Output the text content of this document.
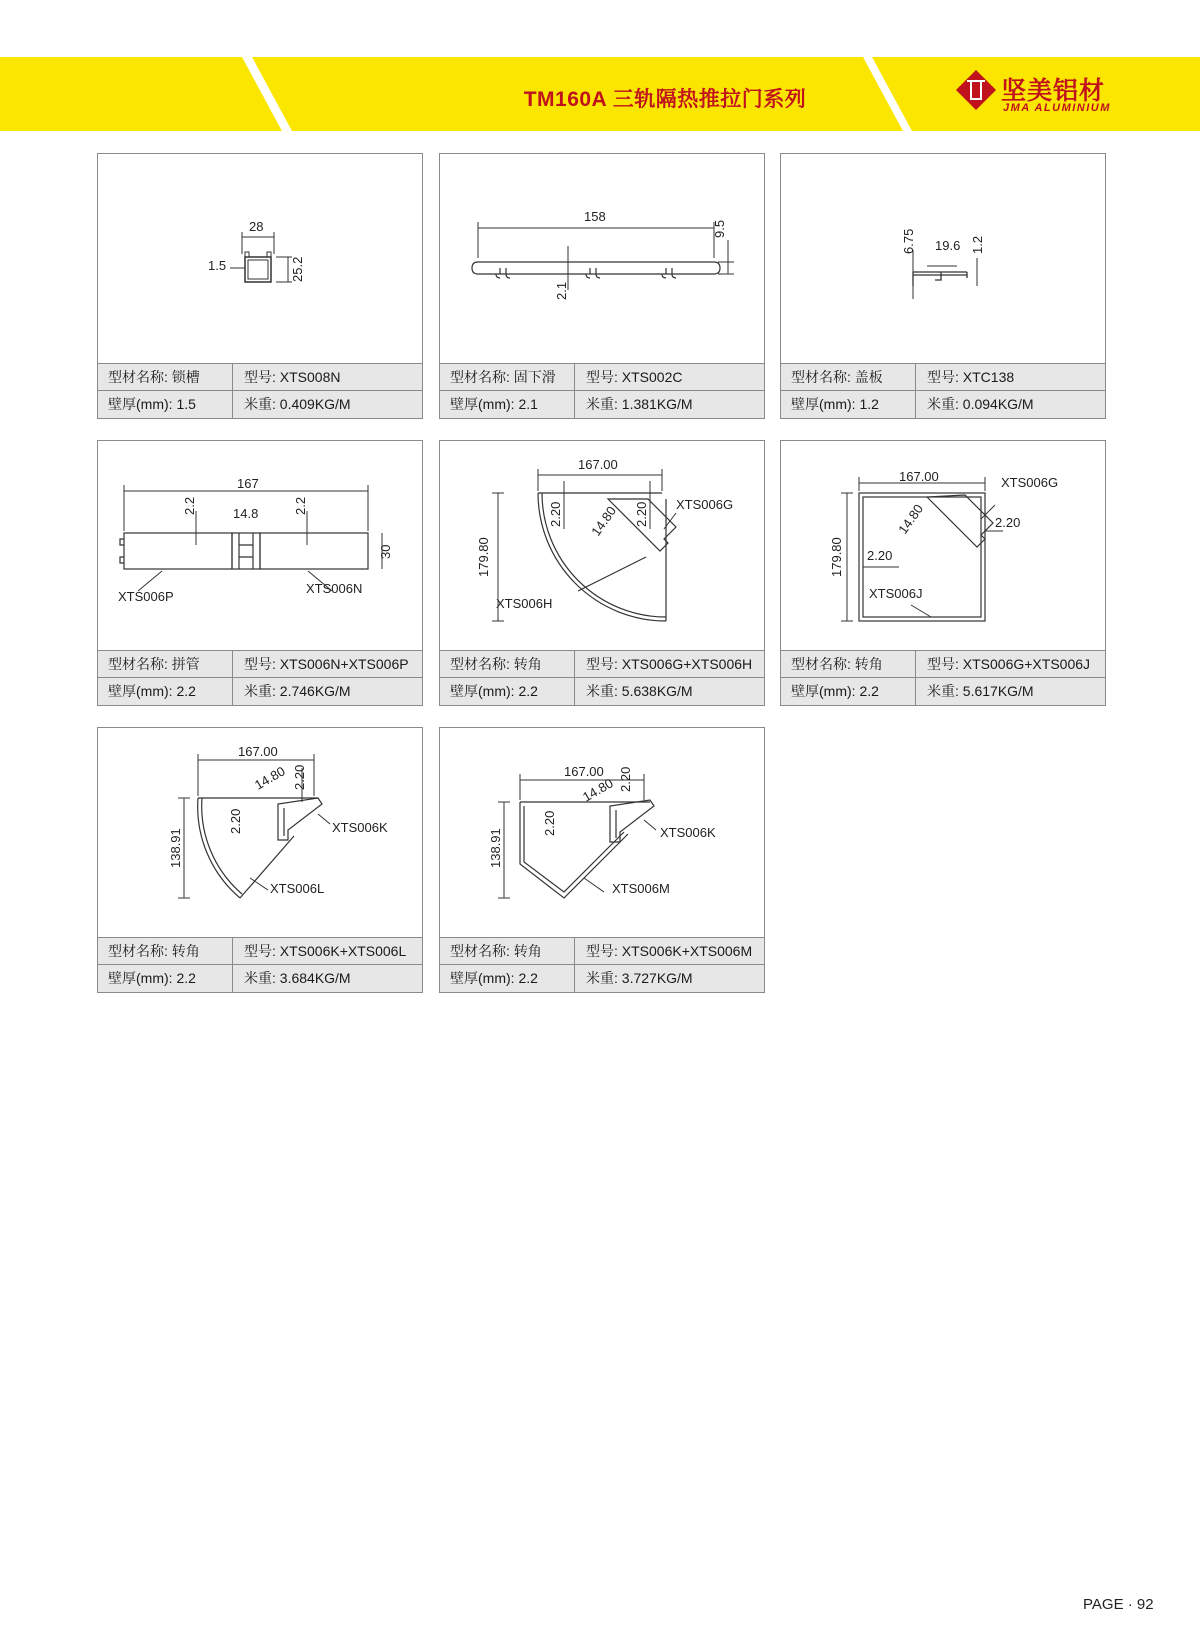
TM160A 三轨隔热推拉门系列	坚美铝材
JMA ALUMINIUM
28
1.5	25.2
型材名称: 锁槽	型号: XTS008N
壁厚(mm): 1.5	米重: 0.409KG/M
158
9.5
2.1
型材名称: 固下滑	型号: XTS002C
壁厚(mm): 2.1	米重: 1.381KG/M
6.75 19.6 1.2
型材名称: 盖板	型号: XTC138
壁厚(mm): 1.2	米重: 0.094KG/M
167
2.2	14.8	2.2
30
XTS006P
XTS006N
型材名称: 拼管	型号: XTS006N+XTS006P
壁厚(mm): 2.2	米重: 2.746KG/M
167.00
179.80
2.20 14.80 2.20 XTS006G
XTS006H
型材名称: 转角	型号: XTS006G+XTS006H
壁厚(mm): 2.2	米重: 5.638KG/M
167.00
179.80
14.80
2.20
2.20
XTS006G
XTS006J
型材名称: 转角	型号: XTS006G+XTS006J
壁厚(mm): 2.2	米重: 5.617KG/M
167.00
138.91
14.80
2.20
2.20
XTS006K
XTS006L
型材名称: 转角	型号: XTS006K+XTS006L
壁厚(mm): 2.2	米重: 3.684KG/M
167.00
138.91
14.80
2.20
2.20
XTS006K
XTS006M
型材名称: 转角	型号: XTS006K+XTS006M
壁厚(mm): 2.2	米重: 3.727KG/M
PAGE · 92
